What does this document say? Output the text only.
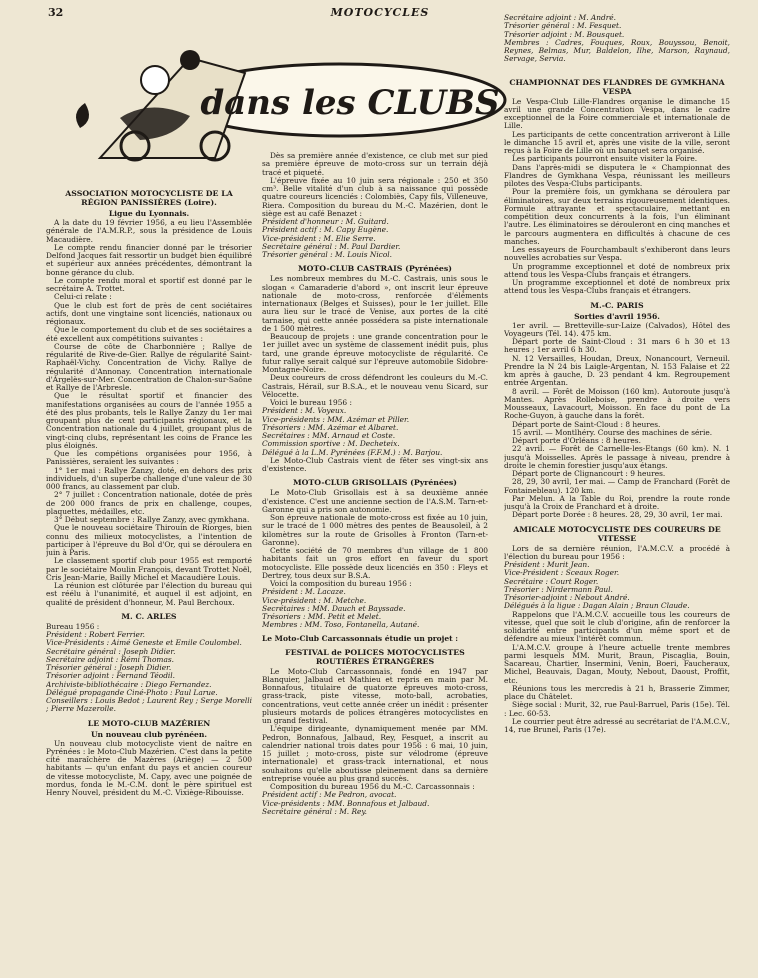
32	MOTOCYCLES
dans les CLUBS
ASSOCIATION MOTOCYCLISTE DE LA RÉGION PANISSIÈRES (Loire).
Ligue du Lyonnais.

A la date du 19 février 1956, a eu lieu l'Assemblée générale de l'A.M.R.P., sous la présidence de Louis Macaudière.

Le compte rendu financier donné par le trésorier Delfond Jacques fait ressortir un budget bien équilibré et supérieur aux années précédentes, démontrant la bonne gérance du club.

Le compte rendu moral et sportif est donné par le secrétaire A. Trottet.

Celui-ci relate :

Que le club est fort de près de cent sociétaires actifs, dont une vingtaine sont licenciés, nationaux ou régionaux.

Que le comportement du club et de ses sociétaires a été excellent aux compétitions suivantes :

Course de côte de Charbonnière ; Rallye de régularité de Rive-de-Gier. Rallye de régularité Saint-Raphaël-Vichy. Concentration de Vichy. Rallye de régularité d'Annonay. Concentration internationale d'Argelès-sur-Mer. Concentration de Chalon-sur-Saône et Rallye de l'Arbresle.

Que le résultat sportif et financier des manifestations organisées au cours de l'année 1955 a été des plus probants, tels le Rallye Zanzy du 1er mai groupant plus de cent participants régionaux, et la Concentration nationale du 4 juillet, groupant plus de vingt-cinq clubs, représentant les coins de France les plus éloignés.

Que les compétions organisées pour 1956, à Panissières, seraient les suivantes :

1° 1er mai : Rallye Zanzy, doté, en dehors des prix individuels, d'un superbe challenge d'une valeur de 30 000 francs, au classement par club.

2° 7 juillet : Concentration nationale, dotée de près de 200 000 francs de prix en challenge, coupes, plaquettes, médailles, etc.

3° Début septembre : Rallye Zanzy, avec gymkhana.

Que le nouveau sociétaire Thirouin de Riorges, bien connu des milieux motocyclistes, a l'intention de participer à l'épreuve du Bol d'Or, qui se déroulera en juin à Paris.

Le classement sportif club pour 1955 est remporté par le sociétaire Moulin François, devant Trottet Noël, Cris Jean-Marie, Bailly Michel et Macaudière Louis.

La réunion est clôturée par l'élection du bureau qui est réélu à l'unanimité, et auquel il est adjoint, en qualité de président d'honneur, M. Paul Berchoux.

M. C. ARLES

Bureau 1956 :

Président : Robert Ferrier.

Vice-Présidents : Aimé Geneste et Emile Coulombel.

Secrétaire général : Joseph Didier.

Secrétaire adjoint : Rémi Thomas.

Trésorier général : Joseph Didier.

Trésorier adjoint : Fernand Téodil.

Archiviste-bibliothécaire : Diego Fernandez.

Délégué propagande Ciné-Photo : Paul Larue.

Conseillers : Louis Bedot ; Laurent Rey ; Serge Morelli ; Pierre Mazerolle.

LE MOTO-CLUB MAZÉRIEN
Un nouveau club pyrénéen.

Un nouveau club motocycliste vient de naître en Pyrénées : le Moto-Club Mazérien. C'est dans la petite cité maraîchère de Mazères (Ariège) — 2 500 habitants — qu'un enfant du pays et ancien coureur de vitesse motocycliste, M. Capy, avec une poignée de mordus, fonda le M.-C.M. dont le père spirituel est Henry Nouvel, président du M.-C. Vixiège-Ribouisse.

Dès sa première année d'existence, ce club met sur pied sa première épreuve de moto-cross sur un terrain déjà tracé et piqueté.

L'épreuve fixée au 10 juin sera régionale : 250 et 350 cm³. Belle vitalité d'un club à sa naissance qui possède quatre coureurs licenciés : Colombiès, Capy fils, Villeneuve, Riera. Composition du bureau du M.-C. Mazérien, dont le siège est au café Benazet :

Président d'honneur : M. Guitard.

Président actif : M. Capy Eugène.

Vice-président : M. Elie Serre.

Secrétaire général : M. Paul Dardier.

Trésorier général : M. Louis Nicol.

MOTO-CLUB CASTRAIS (Pyrénées)

Les nombreux membres du M.-C. Castrais, unis sous le slogan « Camaraderie d'abord », ont inscrit leur épreuve nationale de moto-cross, renforcée d'éléments internationaux (Belges et Suisses), pour le 1er juillet. Elle aura lieu sur le tracé de Venise, aux portes de la cité tarnaise, qui cette année possédera sa piste internationale de 1 500 mètres.

Beaucoup de projets : une grande concentration pour le 1er juillet avec un système de classement inédit puis, plus tard, une grande épreuve motocycliste de régularité. Ce futur rallye serait calqué sur l'épreuve automobile Sidobre-Montagne-Noire.

Deux coureurs de cross défendront les couleurs du M.-C. Castrais, Hérail, sur B.S.A., et le nouveau venu Sicard, sur Vélocette.

Voici le bureau 1956 :

Président : M. Voyeux.

Vice-présidents : MM. Azémar et Piller.

Trésoriers : MM. Azémar et Albaret.

Secrétaires : MM. Arnaud et Coste.

Commission sportive : M. Decheteix.

Délégué à la L.M. Pyrénées (F.F.M.) : M. Barjou.

Le Moto-Club Castrais vient de fêter ses vingt-six ans d'existence.

MOTO-CLUB GRISOLLAIS (Pyrénées)

Le Moto-Club Grisollais est à sa deuxième année d'existence. C'est une ancienne section de l'A.S.M. Tarn-et-Garonne qui a pris son autonomie.

Son épreuve nationale de moto-cross est fixée au 10 juin, sur le tracé de 1 000 mètres des pentes de Beausoleil, à 2 kilomètres sur la route de Grisolles à Fronton (Tarn-et-Garonne).

Cette société de 70 membres d'un village de 1 800 habitants fait un gros effort en faveur du sport motocycliste. Elle possède deux licenciés en 350 : Fleys et Dertrey, tous deux sur B.S.A.

Voici la composition du bureau 1956 :

Président : M. Lacaze.

Vice-président : M. Metche.

Secrétaires : MM. Dauch et Bayssade.

Trésoriers : MM. Petit et Melet.

Membres : MM. Toso, Fontanella, Autané.

Le Moto-Club Carcassonnais étudie un projet :
FESTIVAL de POLICES MOTOCYCLISTES ROUTIÈRES ÉTRANGÈRES

Le Moto-Club Carcassonnais, fondé en 1947 par Blanquier, Jalbaud et Mathieu et repris en main par M. Bonnafous, titulaire de quatorze épreuves moto-cross, grass-track, piste vitesse, moto-ball, acrobaties, concentrations, veut cette année créer un inédit : présenter plusieurs motards de polices étrangères motocyclistes en un grand festival.

L'équipe dirigeante, dynamiquement menée par MM. Pedron, Bonnafous, Jalbaud, Rey, Fesquet, a inscrit au calendrier national trois dates pour 1956 : 6 mai, 10 juin, 15 juillet ; moto-cross, piste sur vélodrome (épreuve internationale) et grass-track international, et nous souhaitons qu'elle aboutisse pleinement dans sa dernière entreprise vouée au plus grand succès.

Composition du bureau 1956 du M.-C. Carcassonnais :

Président actif : Me Pedron, avocat.

Vice-présidents : MM. Bonnafous et Jalbaud.

Secrétaire général : M. Rey.

Secrétaire adjoint : M. André.

Trésorier général : M. Fesquet.

Trésorier adjoint : M. Bousquet.

Membres : Cadres, Fouques, Roux, Bouyssou, Benoit, Reynes, Belmas, Mur, Baldelon, Ilhe, Marson, Raynaud, Servage, Servia.

CHAMPIONNAT DES FLANDRES DE GYMKHANA VESPA

Le Vespa-Club Lille-Flandres organise le dimanche 15 avril une grande Concentration Vespa, dans le cadre exceptionnel de la Foire commerciale et internationale de Lille.

Les participants de cette concentration arriveront à Lille le dimanche 15 avril et, après une visite de la ville, seront reçus à la Foire de Lille où un banquet sera organisé.

Les participants pourront ensuite visiter la Foire.

Dans l'après-midi se disputera le « Championnat des Flandres de Gymkhana Vespa, réunissant les meilleurs pilotes des Vespa-Clubs participants.

Pour la première fois, un gymkhana se déroulera par éliminatoires, sur deux terrains rigoureusement identiques. Formule attrayante et spectaculaire, mettant en compétition deux concurrents à la fois, l'un éliminant l'autre. Les éliminatoires se dérouleront en cinq manches et le parcours augmentera en difficultés à chacune de ces manches.

Les essayeurs de Fourchambault s'exhiberont dans leurs nouvelles acrobaties sur Vespa.

Un programme exceptionnel et doté de nombreux prix attend tous les Vespa-Clubs français et étrangers.

Un programme exceptionnel et doté de nombreux prix attend tous les Vespa-Clubs français et étrangers.

M.-C. PARIS
Sorties d'avril 1956.

1er avril. — Bretteville-sur-Laize (Calvados), Hôtel des Voyageurs (Tél. 14). 475 km.

Départ porte de Saint-Cloud : 31 mars 6 h 30 et 13 heures ; 1er avril 6 h 30.

N. 12 Versailles, Houdan, Dreux, Nonancourt, Verneuil. Prendre la N 24 bis Laigle-Argentan, N. 153 Falaise et 22 km après à gauche, D. 23 pendant 4 km. Regroupement entrée Argentan.

8 avril. — Forêt de Moisson (160 km). Autoroute jusqu'à Mantes. Après Rolleboise, prendre à droite vers Mousseaux, Lavacourt, Moisson. En face du pont de La Roche-Guyon, à gauche dans la forêt.

Départ porte de Saint-Cloud : 8 heures.

15 avril. — Montlhéry. Course des machines de série.

Départ porte d'Orléans : 8 heures.

22 avril. — Forêt de Carnelle-les-Etangs (60 km). N. 1 jusqu'à Moisselles. Après le passage à niveau, prendre à droite le chemin forestier jusqu'aux étangs.

Départ porte de Clignancourt : 9 heures.

28, 29, 30 avril, 1er mai. — Camp de Franchard (Forêt de Fontainebleau). 120 km.

Par Melun. A la Table du Roi, prendre la route ronde jusqu'à la Croix de Franchard et à droite.

Départ porte Dorée : 8 heures. 28, 29, 30 avril, 1er mai.

AMICALE MOTOCYCLISTE DES COUREURS DE VITESSE

Lors de sa dernière réunion, l'A.M.C.V. a procédé à l'élection du bureau pour 1956 :

Président : Murit Jean.

Vice-Président : Sceaux Roger.

Secrétaire : Court Roger.

Trésorier : Nirdermann Paul.

Trésorier-adjoint : Nebout André.

Délégués à la ligue : Dagan Alain ; Braun Claude.

Rappelons que l'A.M.C.V. accueille tous les coureurs de vitesse, quel que soit le club d'origine, afin de renforcer la solidarité entre participants d'un même sport et de défendre au mieux l'intérêt commun.

L'A.M.C.V. groupe à l'heure actuelle trente membres parmi lesquels MM. Murit, Braun, Piscaglia, Bouin, Sacareau, Chartier, Insermini, Venin, Boeri, Faucheraux, Michel, Beauvais, Dagan, Mouty, Nebout, Daoust, Proffit, etc.

Réunions tous les mercredis à 21 h, Brasserie Zimmer, place du Châtelet.

Siège social : Murit, 32, rue Paul-Barruel, Paris (15e). Tél. : Lec. 60-53.

Le courrier peut être adressé au secrétariat de l'A.M.C.V., 14, rue Brunel, Paris (17e).
